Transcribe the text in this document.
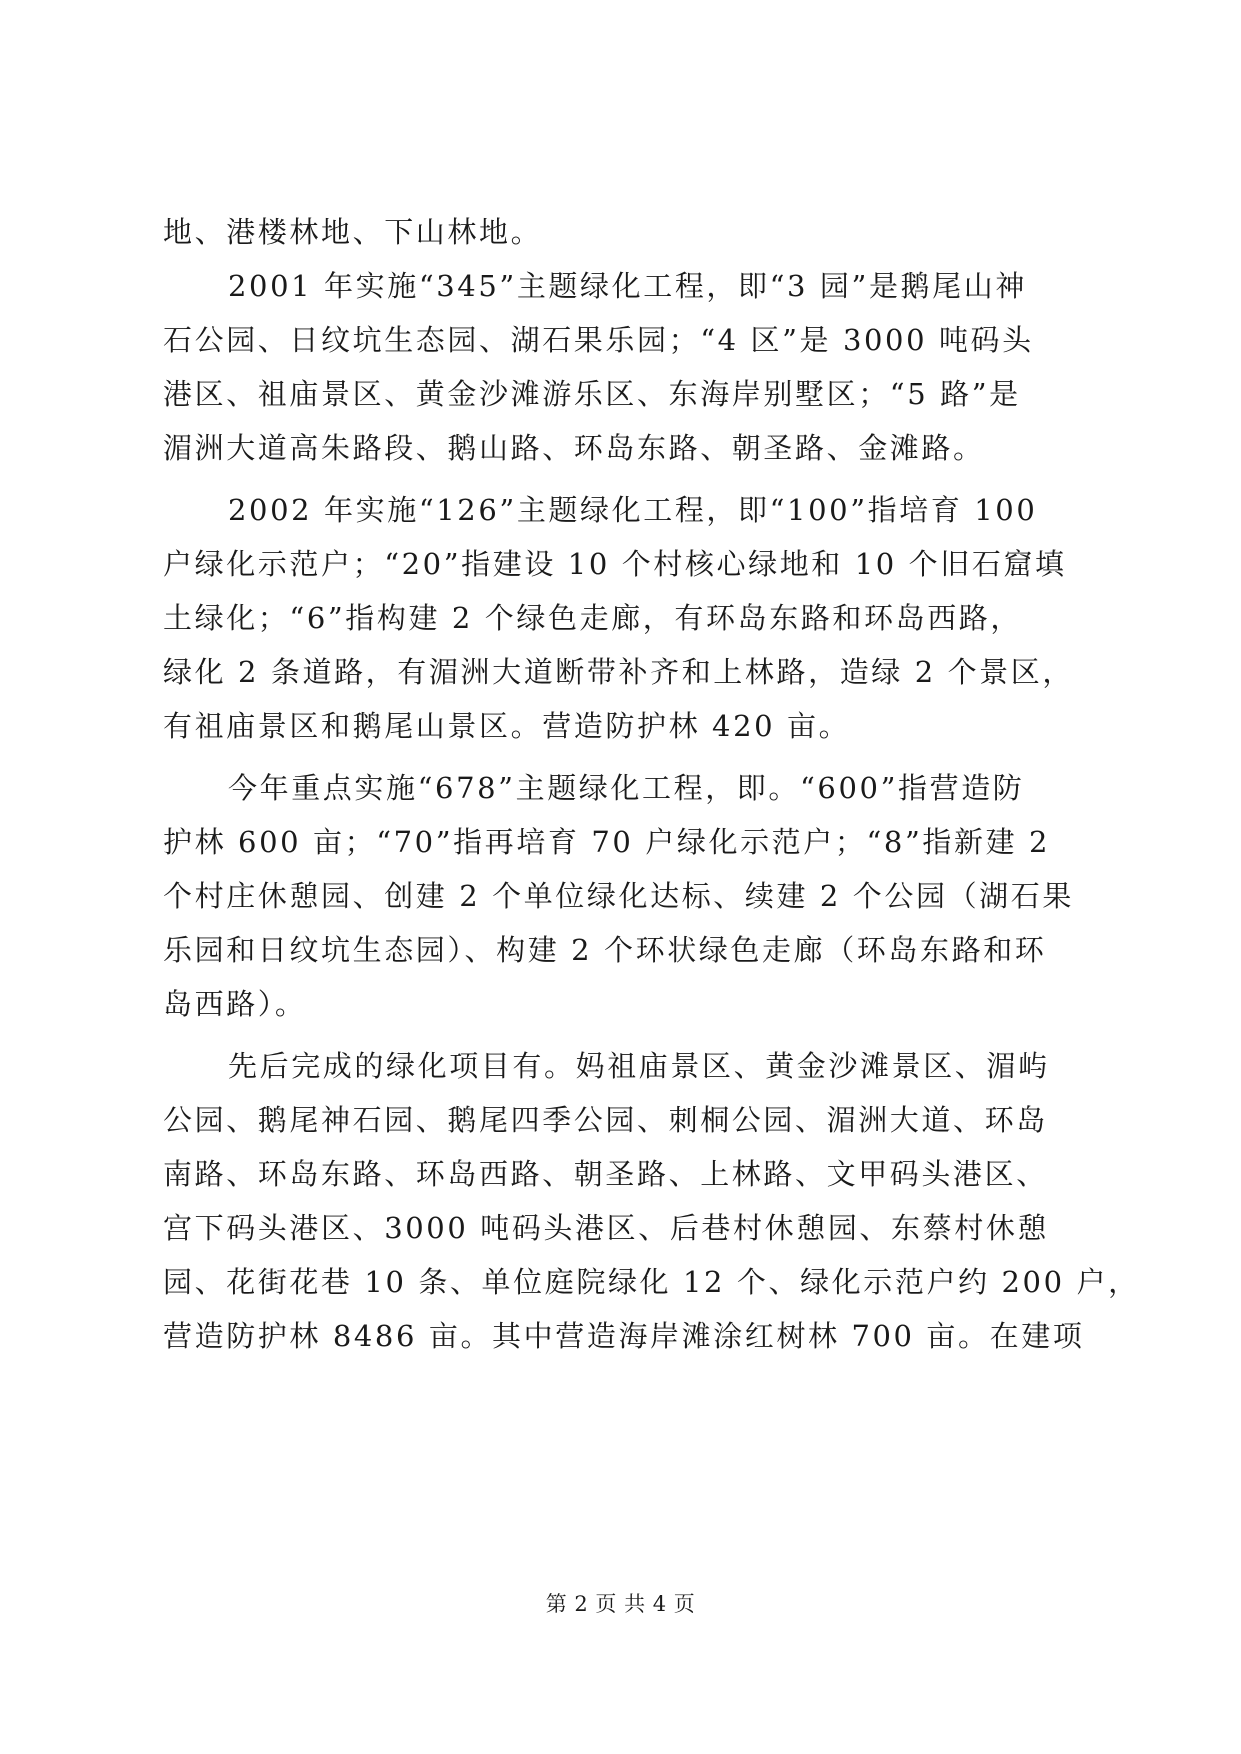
地、港楼林地、下山林地。
2001 年实施“345”主题绿化工程，即“3 园”是鹅尾山神
石公园、日纹坑生态园、湖石果乐园；“4 区”是 3000 吨码头
港区、祖庙景区、黄金沙滩游乐区、东海岸别墅区；“5 路”是
湄洲大道高朱路段、鹅山路、环岛东路、朝圣路、金滩路。
2002 年实施“126”主题绿化工程，即“100”指培育 100
户绿化示范户；“20”指建设 10 个村核心绿地和 10 个旧石窟填
土绿化；“6”指构建 2 个绿色走廊，有环岛东路和环岛西路，
绿化 2 条道路，有湄洲大道断带补齐和上林路，造绿 2 个景区，
有祖庙景区和鹅尾山景区。营造防护林 420 亩。
今年重点实施“678”主题绿化工程，即。“600”指营造防
护林 600 亩；“70”指再培育 70 户绿化示范户；“8”指新建 2
个村庄休憩园、创建 2 个单位绿化达标、续建 2 个公园（湖石果
乐园和日纹坑生态园）、构建 2 个环状绿色走廊（环岛东路和环
岛西路）。
先后完成的绿化项目有。妈祖庙景区、黄金沙滩景区、湄屿
公园、鹅尾神石园、鹅尾四季公园、刺桐公园、湄洲大道、环岛
南路、环岛东路、环岛西路、朝圣路、上林路、文甲码头港区、
宫下码头港区、3000 吨码头港区、后巷村休憩园、东蔡村休憩
园、花街花巷 10 条、单位庭院绿化 12 个、绿化示范户约 200 户，
营造防护林 8486 亩。其中营造海岸滩涂红树林 700 亩。在建项
第 2 页 共 4 页
